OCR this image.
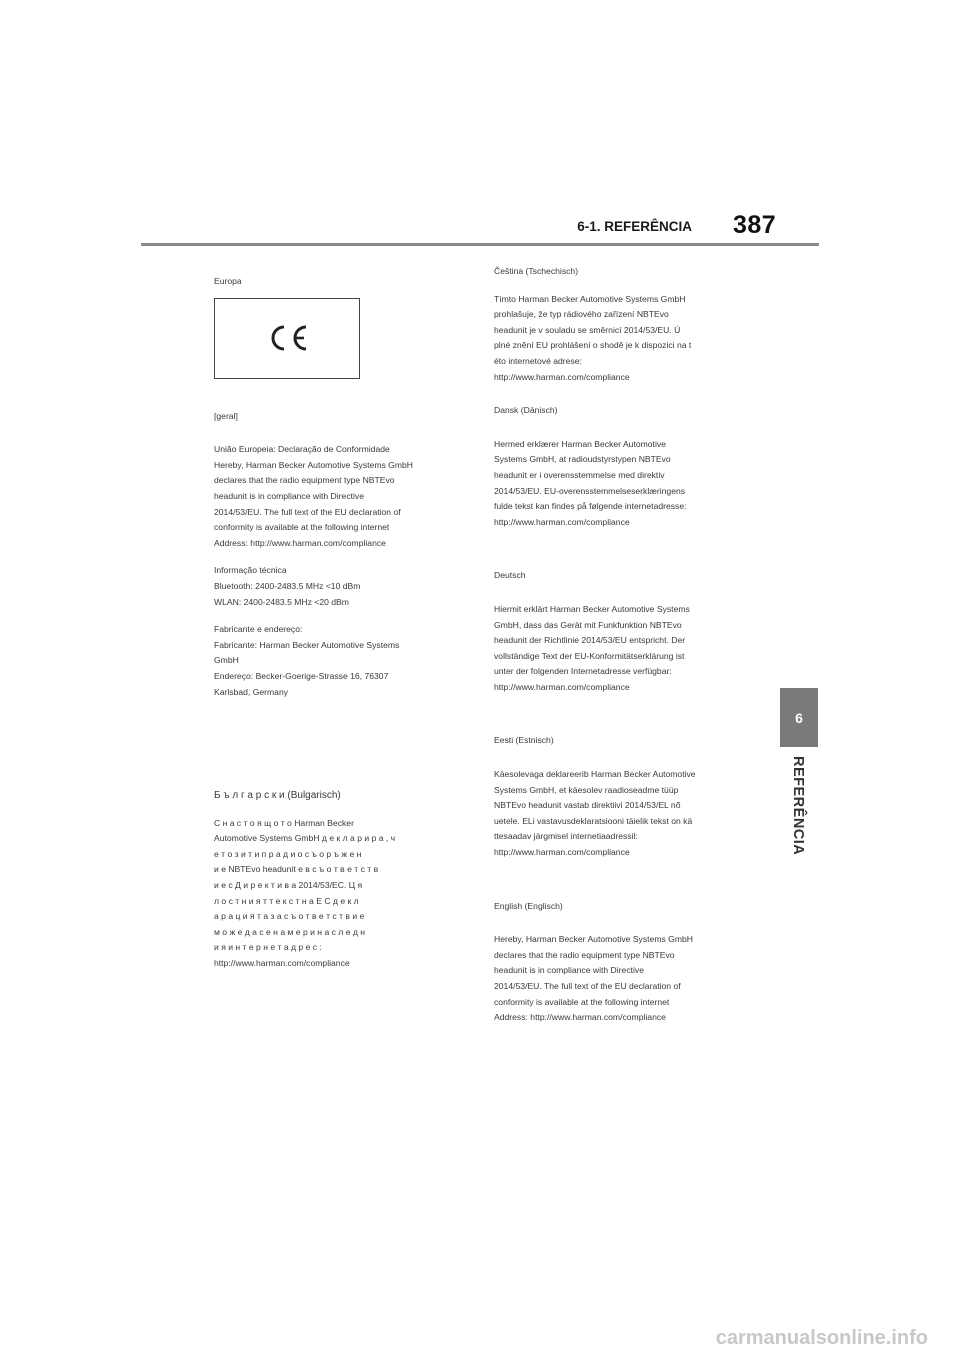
6-1. REFERÊNCIA 387
6
REFERÊNCIA

Europa

[geral]

União Europeia: Declaração de Conformidade

Hereby, Harman Becker Automotive Systems GmbH

declares that the radio equipment type NBTEvo

headunit is in compliance with Directive

2014/53/EU. The full text of the EU declaration of

conformity is available at the following internet

Address: http://www.harman.com/compliance

Informação técnica

Bluetooth: 2400-2483.5 MHz <10 dBm

WLAN: 2400-2483.5 MHz <20 dBm

Fabricante e endereço:

Fabricante: Harman Becker Automotive Systems

GmbH

Endereço: Becker-Goerige-Strasse 16, 76307

Karlsbad, Germany

Б ъ л г а р с к и (Bulgarisch)

С н а с т о я щ о т о Harman Becker

Automotive Systems GmbH д е к л а р и р а , ч

е т о з и т и п р а д и о с ъ о р ъ ж е н

и е NBTEvo headunit е в с ъ о т в е т с т в

и е с Д и р е к т и в а 2014/53/ЕС. Ц я

л о с т н и я т т е к с т н а Е С д е к л

а р а ц и я т а з а с ъ о т в е т с т в и е

м о ж е д а с е н а м е р и н а с л е д н

и я и н т е р н е т а д р е с :

http://www.harman.com/compliance

Čeština (Tschechisch)

Tímto Harman Becker Automotive Systems GmbH

prohlašuje, že typ rádiového zařízení NBTEvo

headunit je v souladu se směrnicí 2014/53/EU. Ú

plné znění EU prohlášení o shodě je k dispozici na t

éto internetové adrese:

http://www.harman.com/compliance

Dansk (Dänisch)

Hermed erklærer Harman Becker Automotive

Systems GmbH, at radioudstyrstypen NBTEvo

headunit er i overensstemmelse med direktiv

2014/53/EU. EU-overensstemmelseserklæringens

fulde tekst kan findes på følgende internetadresse:

http://www.harman.com/compliance

Deutsch

Hiermit erklärt Harman Becker Automotive Systems

GmbH, dass das Gerät mit Funkfunktion NBTEvo

headunit der Richtlinie 2014/53/EU entspricht. Der

vollständige Text der EU-Konformitätserklärung ist

unter der folgenden Internetadresse verfügbar:

http://www.harman.com/compliance

Eesti (Estnisch)

Käesolevaga deklareerib Harman Becker Automotive

Systems GmbH, et käesolev raadioseadme tüüp

NBTEvo headunit vastab direktiivi 2014/53/EL nõ

uetele. ELi vastavusdeklaratsiooni täielik tekst on kä

ttesaadav järgmisel internetiaadressil:

http://www.harman.com/compliance

English (Englisch)

Hereby, Harman Becker Automotive Systems GmbH

declares that the radio equipment type NBTEvo

headunit is in compliance with Directive

2014/53/EU. The full text of the EU declaration of

conformity is available at the following internet

Address: http://www.harman.com/compliance

carmanualsonline.info
